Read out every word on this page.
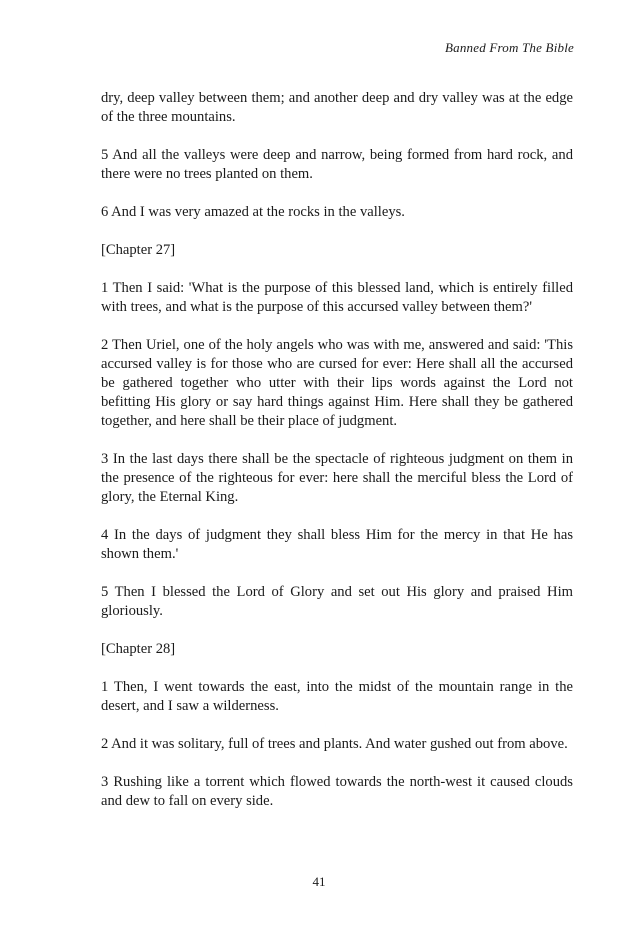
Banned From The Bible

dry, deep valley between them; and another deep and dry valley was at the edge of the three mountains.

5 And all the valleys were deep and narrow, being formed from hard rock, and there were no trees planted on them.

6 And I was very amazed at the rocks in the valleys.

[Chapter 27]

1 Then I said: 'What is the purpose of this blessed land, which is entirely filled with trees, and what is the purpose of this accursed valley between them?'

2 Then Uriel, one of the holy angels who was with me, answered and said: 'This accursed valley is for those who are cursed for ever: Here shall all the accursed be gathered together who utter with their lips words against the Lord not befitting His glory or say hard things against Him. Here shall they be gathered together, and here shall be their place of judgment.

3 In the last days there shall be the spectacle of righteous judgment on them in the presence of the righteous for ever: here shall the merciful bless the Lord of glory, the Eternal King.

4 In the days of judgment they shall bless Him for the mercy in that He has shown them.'

5 Then I blessed the Lord of Glory and set out His glory and praised Him gloriously.

[Chapter 28]

1 Then, I went towards the east, into the midst of the mountain range in the desert, and I saw a wilderness.

2 And it was solitary, full of trees and plants. And water gushed out from above.

3 Rushing like a torrent which flowed towards the north-west it caused clouds and dew to fall on every side.

41
